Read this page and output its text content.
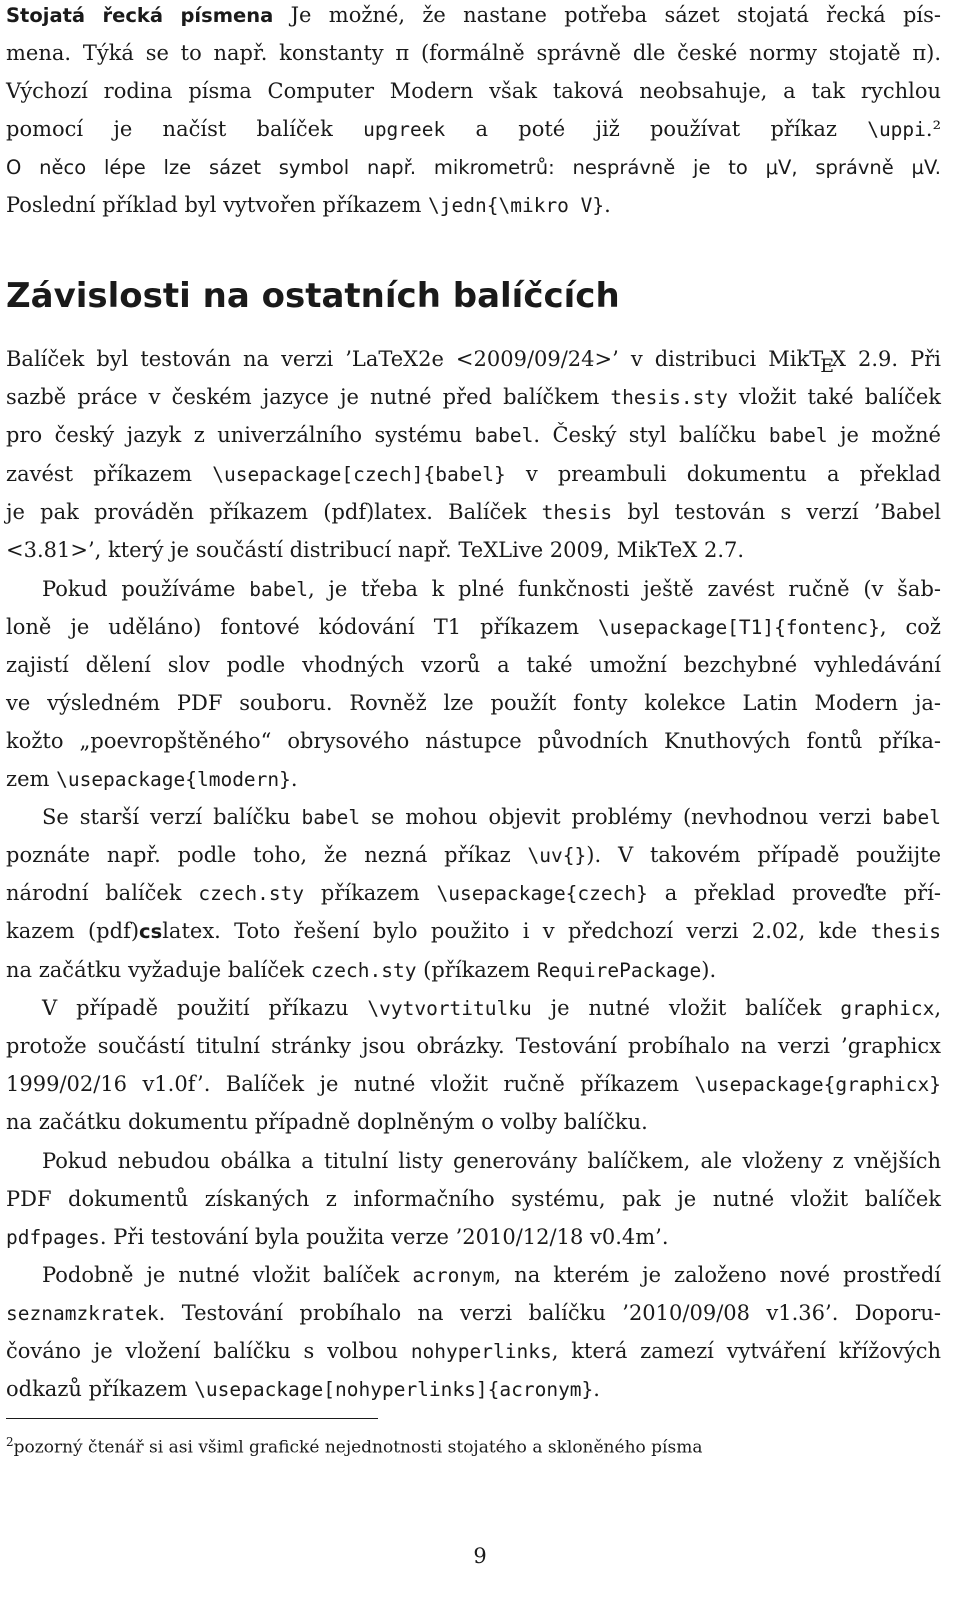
Stojatá řecká písmena Je možné, že nastane potřeba sázet stojatá řecká pís-
mena. Týká se to např. konstanty π (formálně správně dle české normy stojatě π).
Výchozí rodina písma Computer Modern však taková neobsahuje, a tak rychlou
pomocí je načíst balíček upgreek a poté již používat příkaz \uppi.²
O něco lépe lze sázet symbol např. mikrometrů: nesprávně je to μV, správně µV.
Poslední příklad byl vytvořen příkazem \jedn{\mikro V}.
Balíček byl testován na verzi ’LaTeX2e <2009/09/24>’ v distribuci MikTEX 2.9. Při
sazbě práce v českém jazyce je nutné před balíčkem thesis.sty vložit také balíček
pro český jazyk z univerzálního systému babel. Český styl balíčku babel je možné
zavést příkazem \usepackage[czech]{babel} v preambuli dokumentu a překlad
je pak prováděn příkazem (pdf)latex. Balíček thesis byl testován s verzí ’Babel
<3.81>’, který je součástí distribucí např. TeXLive 2009, MikTeX 2.7.
Pokud používáme babel, je třeba k plné funkčnosti ještě zavést ručně (v šab-
loně je uděláno) fontové kódování T1 příkazem \usepackage[T1]{fontenc}, což
zajistí dělení slov podle vhodných vzorů a také umožní bezchybné vyhledávání
ve výsledném PDF souboru. Rovněž lze použít fonty kolekce Latin Modern ja-
kožto „poevropštěného“ obrysového nástupce původních Knuthových fontů příka-
zem \usepackage{lmodern}.
Se starší verzí balíčku babel se mohou objevit problémy (nevhodnou verzi babel
poznáte např. podle toho, že nezná příkaz \uv{}). V takovém případě použijte
národní balíček czech.sty příkazem \usepackage{czech} a překlad proveďte pří-
kazem (pdf)cslatex. Toto řešení bylo použito i v předchozí verzi 2.02, kde thesis
na začátku vyžaduje balíček czech.sty (příkazem RequirePackage).
V případě použití příkazu \vytvortitulku je nutné vložit balíček graphicx,
protože součástí titulní stránky jsou obrázky. Testování probíhalo na verzi ’graphicx
1999/02/16 v1.0f’. Balíček je nutné vložit ručně příkazem \usepackage{graphicx}
na začátku dokumentu případně doplněným o volby balíčku.
Pokud nebudou obálka a titulní listy generovány balíčkem, ale vloženy z vnějších
PDF dokumentů získaných z informačního systému, pak je nutné vložit balíček
pdfpages. Při testování byla použita verze ’2010/12/18 v0.4m’.
Podobně je nutné vložit balíček acronym, na kterém je založeno nové prostředí
seznamzkratek. Testování probíhalo na verzi balíčku ’2010/09/08 v1.36’. Doporu-
čováno je vložení balíčku s volbou nohyperlinks, která zamezí vytváření křížových
odkazů příkazem \usepackage[nohyperlinks]{acronym}.
Závislosti na ostatních balíčcích
$^2$pozorný čtenář si asi všiml grafické nejednotnosti stojatého a skloněného písma
9
